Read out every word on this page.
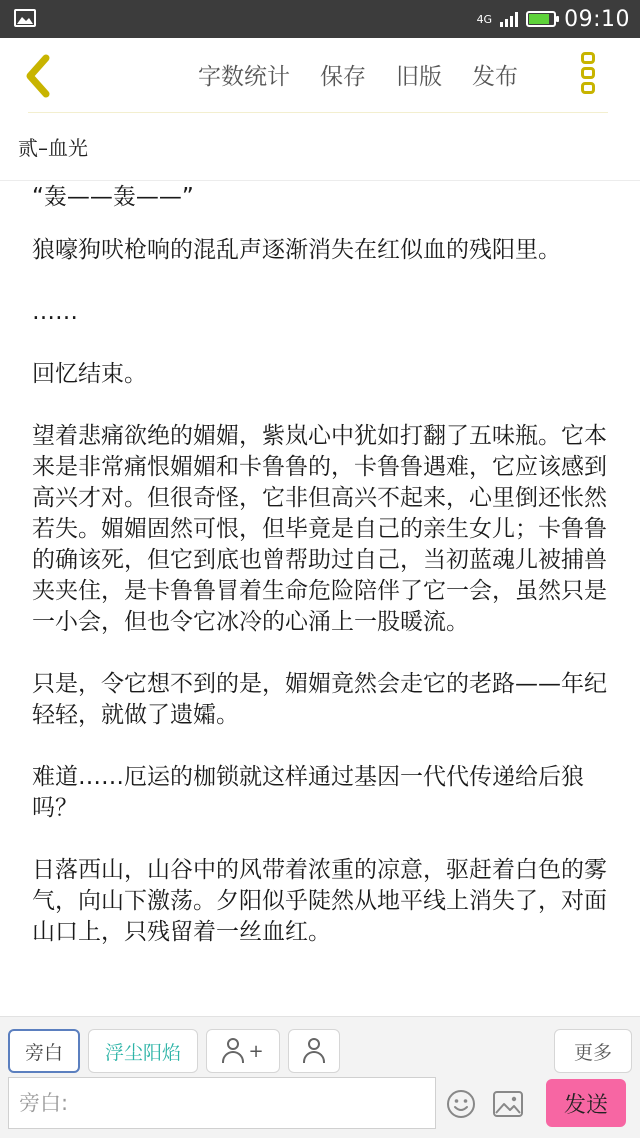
4G	09:10
字数统计 保存 旧版 发布
贰–血光

“轰——轰——”

狼嚎狗吠枪响的混乱声逐渐消失在红似血的残阳里。

……

回忆结束。

望着悲痛欲绝的媚媚，紫岚心中犹如打翻了五味瓶。它本来是非常痛恨媚媚和卡鲁鲁的，卡鲁鲁遇难，它应该感到高兴才对。但很奇怪，它非但高兴不起来，心里倒还怅然若失。媚媚固然可恨，但毕竟是自己的亲生女儿；卡鲁鲁的确该死，但它到底也曾帮助过自己，当初蓝魂儿被捕兽夹夹住，是卡鲁鲁冒着生命危险陪伴了它一会，虽然只是一小会，但也令它冰冷的心涌上一股暖流。

只是，令它想不到的是，媚媚竟然会走它的老路——年纪轻轻，就做了遗孀。

难道……厄运的枷锁就这样通过基因一代代传递给后狼吗？

日落西山，山谷中的风带着浓重的凉意，驱赶着白色的雾气，向山下激荡。夕阳似乎陡然从地平线上消失了，对面山口上，只残留着一丝血红。

旁白 浮尘阳焰	+	更多
旁白:
发送
